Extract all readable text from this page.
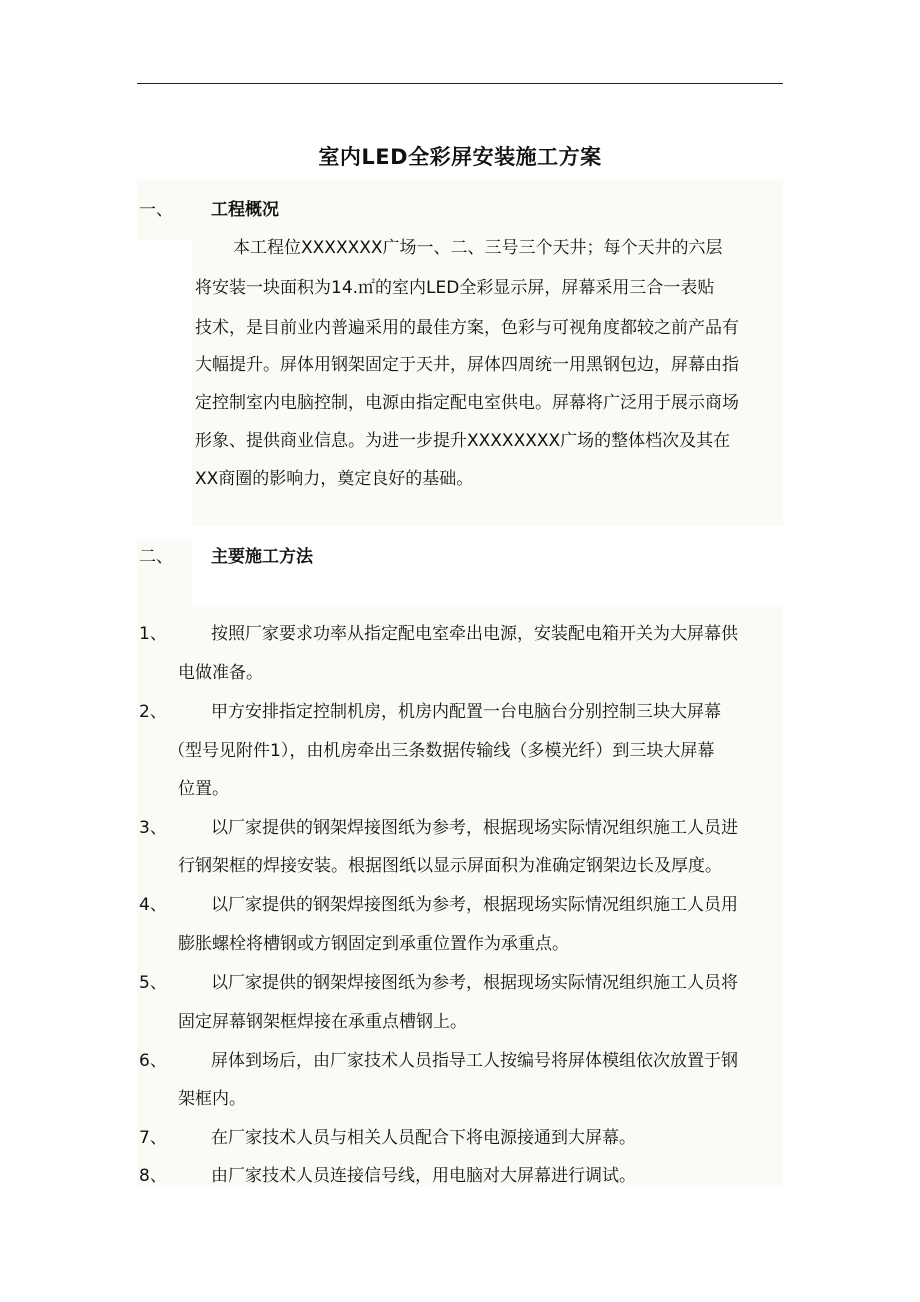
室内LED全彩屏安装施工方案
一、 工程概况
　本工程位XXXXXXX广场一、二、三号三个天井；每个天井的六层
将安装一块面积为14.㎡的室内LED全彩显示屏，屏幕采用三合一表贴
技术，是目前业内普遍采用的最佳方案，色彩与可视角度都较之前产品有
大幅提升。屏体用钢架固定于天井，屏体四周统一用黑钢包边，屏幕由指
定控制室内电脑控制，电源由指定配电室供电。屏幕将广泛用于展示商场
形象、提供商业信息。为进一步提升XXXXXXXX广场的整体档次及其在
XX商圈的影响力，奠定良好的基础。
二、 主要施工方法
1、	按照厂家要求功率从指定配电室牵出电源，安装配电箱开关为大屏幕供
电做准备。
2、	甲方安排指定控制机房，机房内配置一台电脑台分别控制三块大屏幕
（型号见附件1），由机房牵出三条数据传输线（多模光纤）到三块大屏幕
位置。
3、	以厂家提供的钢架焊接图纸为参考，根据现场实际情况组织施工人员进
行钢架框的焊接安装。根据图纸以显示屏面积为准确定钢架边长及厚度。
4、	以厂家提供的钢架焊接图纸为参考，根据现场实际情况组织施工人员用
膨胀螺栓将槽钢或方钢固定到承重位置作为承重点。
5、	以厂家提供的钢架焊接图纸为参考，根据现场实际情况组织施工人员将
固定屏幕钢架框焊接在承重点槽钢上。
6、	屏体到场后，由厂家技术人员指导工人按编号将屏体模组依次放置于钢
架框内。
7、	在厂家技术人员与相关人员配合下将电源接通到大屏幕。
8、	由厂家技术人员连接信号线，用电脑对大屏幕进行调试。
